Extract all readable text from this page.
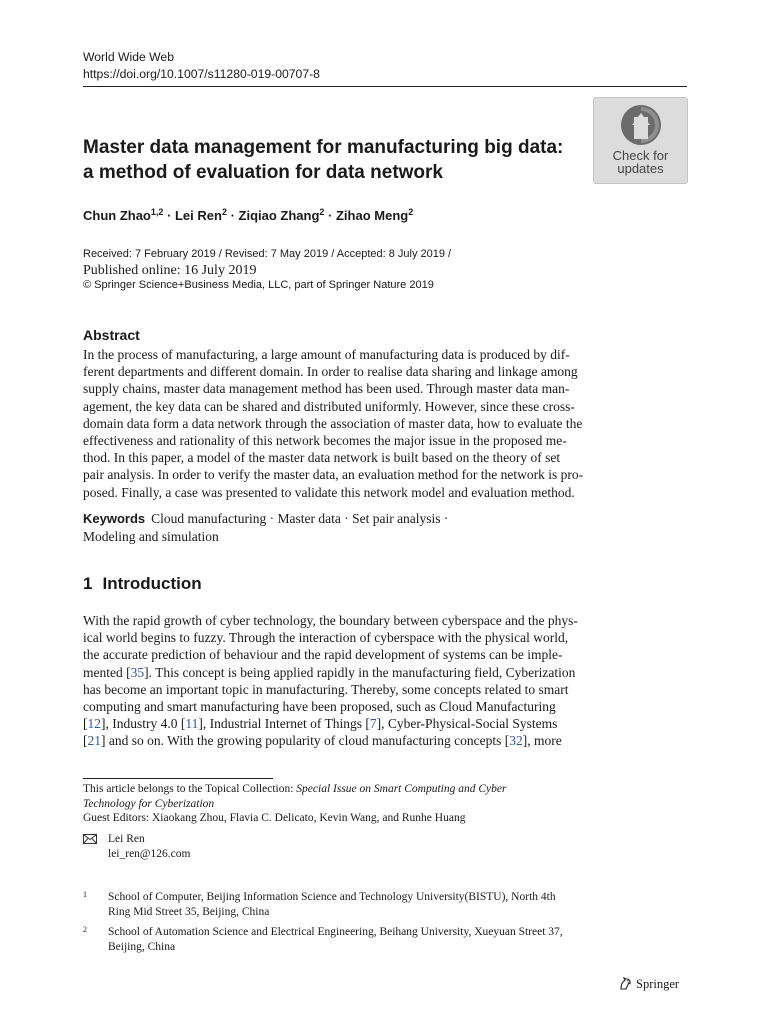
World Wide Web
https://doi.org/10.1007/s11280-019-00707-8
Check for
updates
Master data management for manufacturing big data:
a method of evaluation for data network
Chun Zhao$^{1,2}$ · Lei Ren$^2$ · Ziqiao Zhang$^2$ · Zihao Meng$^2$
Received: 7 February 2019 / Revised: 7 May 2019 / Accepted: 8 July 2019 /
Published online: 16 July 2019
© Springer Science+Business Media, LLC, part of Springer Nature 2019
Abstract
In the process of manufacturing, a large amount of manufacturing data is produced by dif-
ferent departments and different domain. In order to realise data sharing and linkage among
supply chains, master data management method has been used. Through master data man-
agement, the key data can be shared and distributed uniformly. However, since these cross-
domain data form a data network through the association of master data, how to evaluate the
effectiveness and rationality of this network becomes the major issue in the proposed me-
thod. In this paper, a model of the master data network is built based on the theory of set
pair analysis. In order to verify the master data, an evaluation method for the network is pro-
posed. Finally, a case was presented to validate this network model and evaluation method.
Keywords Cloud manufacturing · Master data · Set pair analysis ·
Modeling and simulation
1 Introduction
With the rapid growth of cyber technology, the boundary between cyberspace and the phys-
ical world begins to fuzzy. Through the interaction of cyberspace with the physical world,
the accurate prediction of behaviour and the rapid development of systems can be imple-
mented [35]. This concept is being applied rapidly in the manufacturing field, Cyberization
has become an important topic in manufacturing. Thereby, some concepts related to smart
computing and smart manufacturing have been proposed, such as Cloud Manufacturing
[12], Industry 4.0 [11], Industrial Internet of Things [7], Cyber-Physical-Social Systems
[21] and so on. With the growing popularity of cloud manufacturing concepts [32], more
This article belongs to the Topical Collection: Special Issue on Smart Computing and Cyber
Technology for Cyberization
Guest Editors: Xiaokang Zhou, Flavia C. Delicato, Kevin Wang, and Runhe Huang
Lei Ren
lei_ren@126.com
1 School of Computer, Beijing Information Science and Technology University(BISTU), North 4th
Ring Mid Street 35, Beijing, China
2 School of Automation Science and Electrical Engineering, Beihang University, Xueyuan Street 37,
Beijing, China
Springer
